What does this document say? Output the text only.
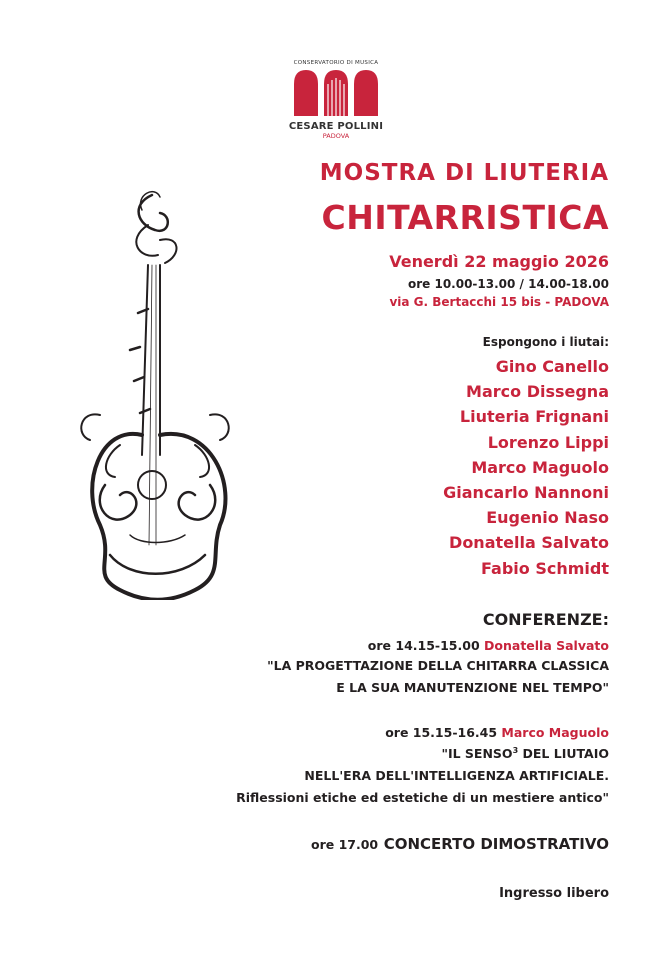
CONSERVATORIO DI MUSICA
CESARE POLLINI
PADOVA
MOSTRA DI LIUTERIA
CHITARRISTICA
Venerdì 22 maggio 2026
ore 10.00-13.00 / 14.00-18.00
via G. Bertacchi 15 bis - PADOVA
Espongono i liutai:
Gino Canello
Marco Dissegna
Liuteria Frignani
Lorenzo Lippi
Marco Maguolo
Giancarlo Nannoni
Eugenio Naso
Donatella Salvato
Fabio Schmidt
CONFERENZE:
ore 14.15-15.00 Donatella Salvato
"LA PROGETTAZIONE DELLA CHITARRA CLASSICA
E LA SUA MANUTENZIONE NEL TEMPO"
ore 15.15-16.45 Marco Maguolo
"IL SENSO$^3$ DEL LIUTAIO
NELL'ERA DELL'INTELLIGENZA ARTIFICIALE.
Riflessioni etiche ed estetiche di un mestiere antico"
ore 17.00 CONCERTO DIMOSTRATIVO
Ingresso libero
